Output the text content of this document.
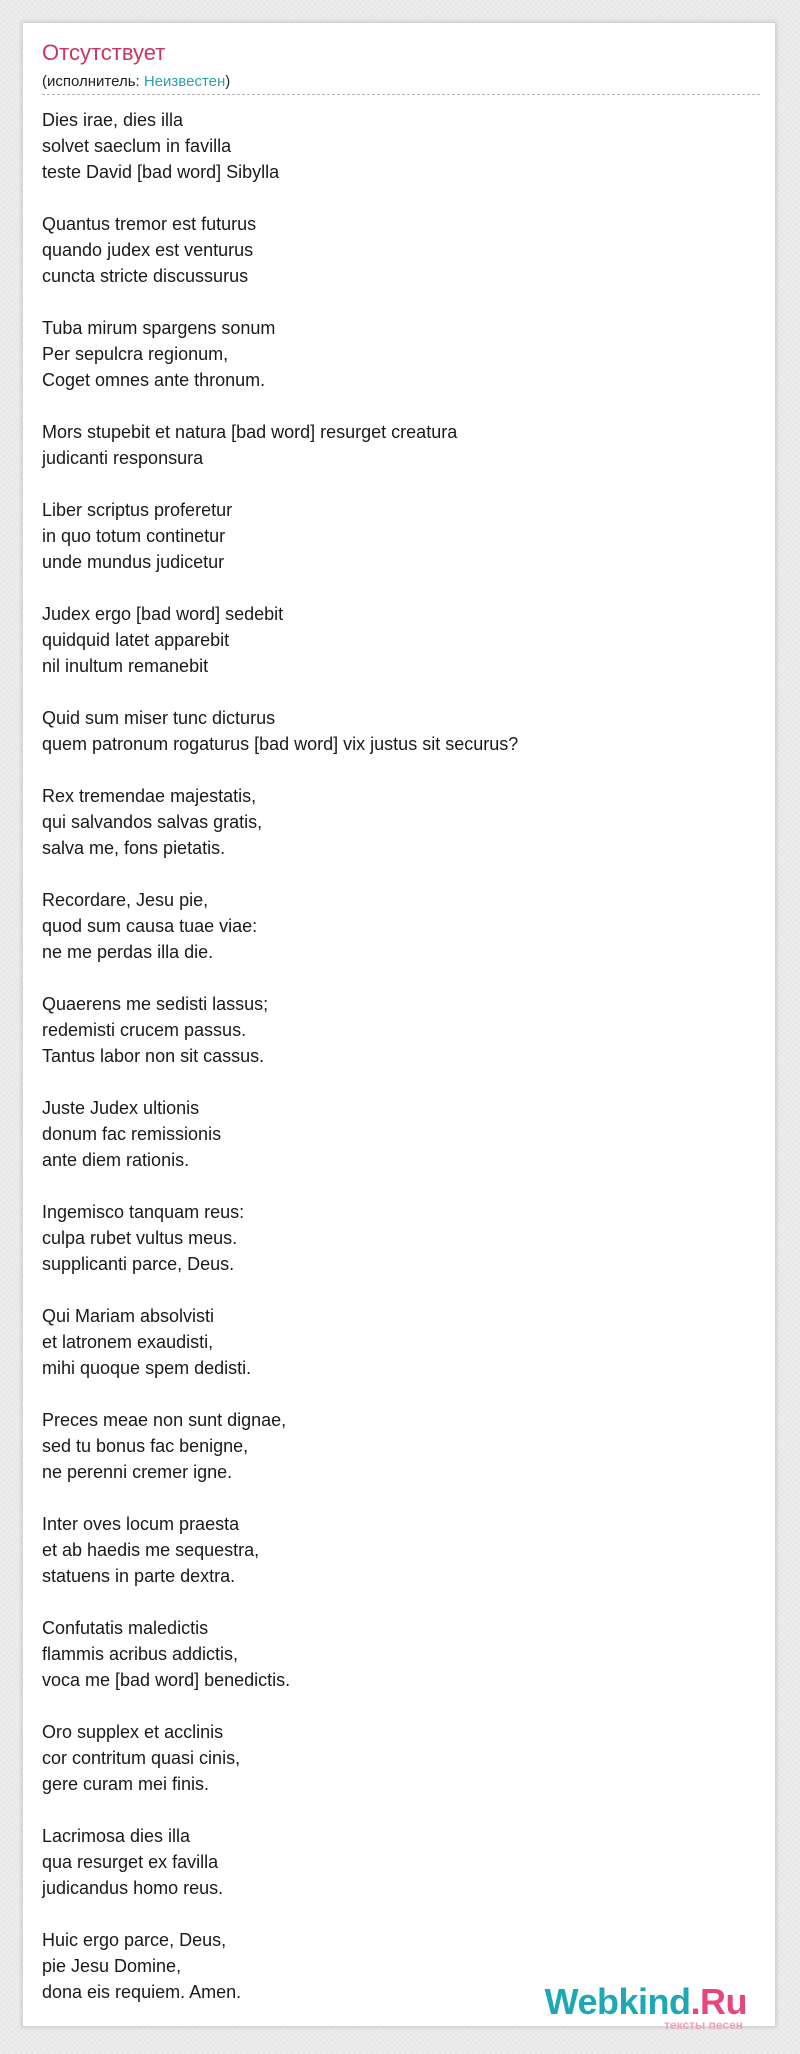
Отсутствует
(исполнитель: Неизвестен)
Dies irae, dies illa
solvet saeclum in favilla
teste David [bad word] Sibylla
Quantus tremor est futurus
quando judex est venturus
cuncta stricte discussurus
Tuba mirum spargens sonum
Per sepulcra regionum,
Coget omnes ante thronum.
Mors stupebit et natura [bad word] resurget creatura
judicanti responsura
Liber scriptus proferetur
in quo totum continetur
unde mundus judicetur
Judex ergo [bad word] sedebit
quidquid latet apparebit
nil inultum remanebit
Quid sum miser tunc dicturus
quem patronum rogaturus [bad word] vix justus sit securus?
Rex tremendae majestatis,
qui salvandos salvas gratis,
salva me, fons pietatis.
Recordare, Jesu pie,
quod sum causa tuae viae:
ne me perdas illa die.
Quaerens me sedisti lassus;
redemisti crucem passus.
Tantus labor non sit cassus.
Juste Judex ultionis
donum fac remissionis
ante diem rationis.
Ingemisco tanquam reus:
culpa rubet vultus meus.
supplicanti parce, Deus.
Qui Mariam absolvisti
et latronem exaudisti,
mihi quoque spem dedisti.
Preces meae non sunt dignae,
sed tu bonus fac benigne,
ne perenni cremer igne.
Inter oves locum praesta
et ab haedis me sequestra,
statuens in parte dextra.
Confutatis maledictis
flammis acribus addictis,
voca me [bad word] benedictis.
Oro supplex et acclinis
cor contritum quasi cinis,
gere curam mei finis.
Lacrimosa dies illa
qua resurget ex favilla
judicandus homo reus.
Huic ergo parce, Deus,
pie Jesu Domine,
dona eis requiem. Amen.	Webkind.Ru
тексты песен
